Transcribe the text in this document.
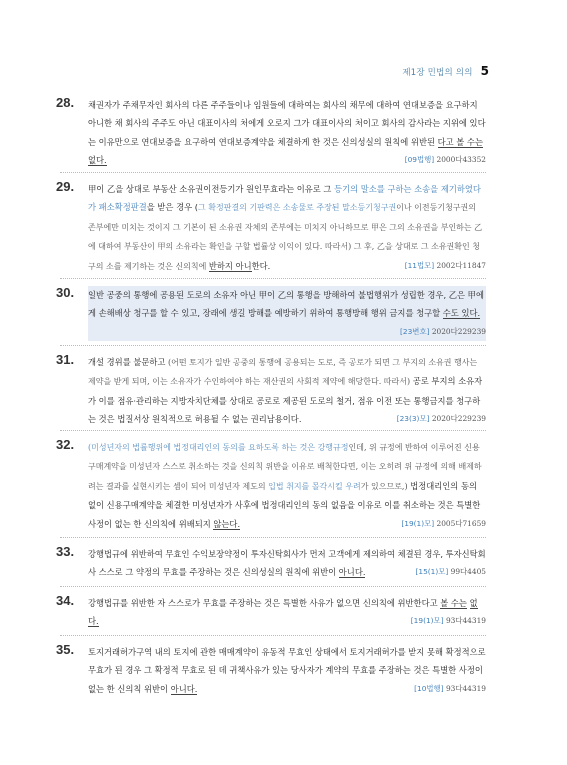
제1장 민법의 의의 5
28. 채권자가 주채무자인 회사의 다른 주주들이나 임원들에 대하여는 회사의 채무에 대하여 연대보증을 요구하지 아니한 채 회사의 주주도 아닌 대표이사의 처에게 오로지 그가 대표이사의 처이고 회사의 감사라는 지위에 있다는 이유만으로 연대보증을 요구하여 연대보증계약을 체결하게 한 것은 신의성실의 원칙에 위반된 다고 볼 수는 없다.	[09법행] 2000다43352
29. 甲이 乙을 상대로 부동산 소유권이전등기가 원인무효라는 이유로 그 등기의 말소를 구하는 소송을 제기하였다가 패소확정판결을 받은 경우 (그 확정판결의 기판력은 소송물로 주장된 말소등기청구권이나 이전등기청구권의 존부에만 미치는 것이지 그 기본이 된 소유권 자체의 존부에는 미치지 아니하므로 甲은 그의 소유권을 부인하는 乙에 대하여 부동산이 甲의 소유라는 확인을 구할 법률상 이익이 있다. 따라서) 그 후, 乙을 상대로 그 소유권확인 청구의 소를 제기하는 것은 신의칙에 반하지 아니한다.	[11법모] 2002다11847
30. 일반 공중의 통행에 공용된 도로의 소유자 아닌 甲이 乙의 통행을 방해하여 불법행위가 성립한 경우, 乙은 甲에게 손해배상 청구를 할 수 있고, 장래에 생길 방해를 예방하기 위하여 통행방해 행위 금지를 청구할 수도 있다.
[23변호] 2020다229239
31. 개설 경위를 불문하고 (어떤 토지가 일반 공중의 통행에 공용되는 도로, 즉 공로가 되면 그 부지의 소유권 행사는 제약을 받게 되며, 이는 소유자가 수인하여야 하는 재산권의 사회적 제약에 해당한다. 따라서) 공로 부지의 소유자가 이를 점유·관리하는 지방자치단체를 상대로 공로로 제공된 도로의 철거, 점유 이전 또는 통행금지를 청구하는 것은 법질서상 원칙적으로 허용될 수 없는 권리남용이다.	[23(3)모] 2020다229239
32. (미성년자의 법률행위에 법정대리인의 동의를 요하도록 하는 것은 강행규정인데, 위 규정에 반하여 이루어진 신용구매계약을 미성년자 스스로 취소하는 것을 신의칙 위반을 이유로 배척한다면, 이는 오히려 위 규정에 의해 배제하려는 결과를 실현시키는 셈이 되어 미성년자 제도의 입법 취지를 몰각시킬 우려가 있으므로,) 법정대리인의 동의 없이 신용구매계약을 체결한 미성년자가 사후에 법정대리인의 동의 없음을 이유로 이를 취소하는 것은 특별한 사정이 없는 한 신의칙에 위배되지 않는다.	[19(1)모] 2005다71659
33. 강행법규에 위반하여 무효인 수익보장약정이 투자신탁회사가 먼저 고객에게 제의하여 체결된 경우, 투자신탁회사 스스로 그 약정의 무효를 주장하는 것은 신의성실의 원칙에 위반이 아니다.	[15(1)모] 99다4405
34. 강행법규를 위반한 자 스스로가 무효를 주장하는 것은 특별한 사유가 없으면 신의칙에 위반한다고 볼 수는 없다.	[19(1)모] 93다44319
35. 토지거래허가구역 내의 토지에 관한 매매계약이 유동적 무효인 상태에서 토지거래허가를 받지 못해 확정적으로 무효가 된 경우 그 확정적 무효로 된 데 귀책사유가 있는 당사자가 계약의 무효를 주장하는 것은 특별한 사정이 없는 한 신의칙 위반이 아니다.	[10법행] 93다44319
